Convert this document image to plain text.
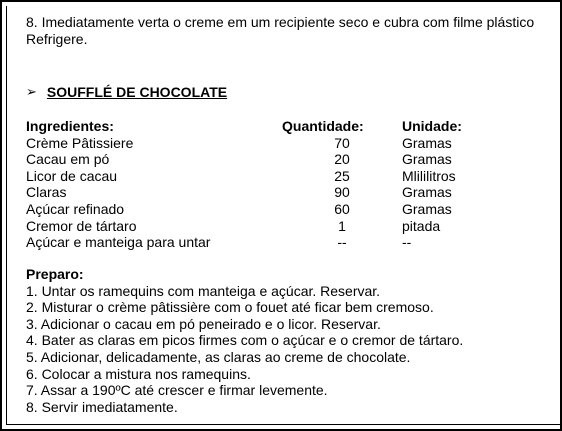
8. Imediatamente verta o creme em um recipiente seco e cubra com filme plástico
Refrigere.
➢ SOUFFLÉ DE CHOCOLATE
Ingredientes:	Quantidade:	Unidade:
Crème Pâtissiere	70	Gramas
Cacau em pó	20	Gramas
Licor de cacau	25	Mlililitros
Claras	90	Gramas
Açúcar refinado	60	Gramas
Cremor de tártaro	1	pitada
Açúcar e manteiga para untar	--	--
Preparo:
1. Untar os ramequins com manteiga e açúcar. Reservar.
2. Misturar o crème pâtissière com o fouet até ficar bem cremoso.
3. Adicionar o cacau em pó peneirado e o licor. Reservar.
4. Bater as claras em picos firmes com o açúcar e o cremor de tártaro.
5. Adicionar, delicadamente, as claras ao creme de chocolate.
6. Colocar a mistura nos ramequins.
7. Assar a 190ºC até crescer e firmar levemente.
8. Servir imediatamente.
